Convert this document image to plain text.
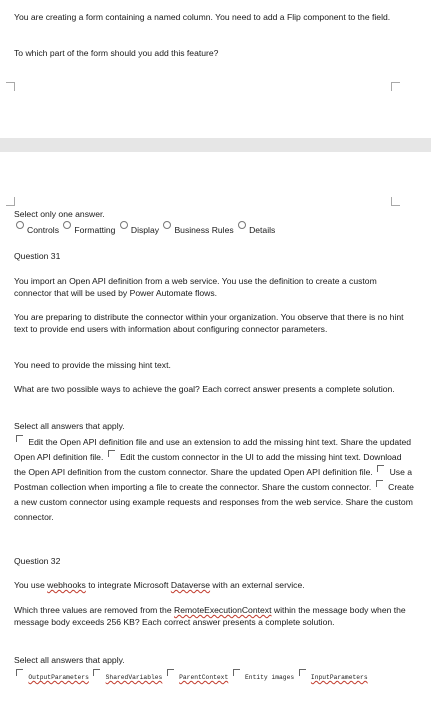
You are creating a form containing a named column. You need to add a Flip component to the field.

To which part of the form should you add this feature?

Select only one answer.

Controls
Formatting
Display
Business Rules
Details

Question 31

You import an Open API definition from a web service. You use the definition to create a custom connector that will be used by Power Automate flows.

You are preparing to distribute the connector within your organization. You observe that there is no hint text to provide end users with information about configuring connector parameters.

You need to provide the missing hint text.

What are two possible ways to achieve the goal? Each correct answer presents a complete solution.

Select all answers that apply.

Edit the Open API definition file and use an extension to add the missing hint text. Share the updated Open API definition file. Edit the custom connector in the UI to add the missing hint text. Download the Open API definition from the custom connector. Share the updated Open API definition file. Use a Postman collection when importing a file to create the connector. Share the custom connector. Create a new custom connector using example requests and responses from the web service. Share the custom connector.

Question 32

You use webhooks to integrate Microsoft Dataverse with an external service.

Which three values are removed from the RemoteExecutionContext within the message body when the message body exceeds 256 KB? Each correct answer presents a complete solution.

Select all answers that apply.

OutputParameters	SharedVariables	ParentContext	Entity images	InputParameters
